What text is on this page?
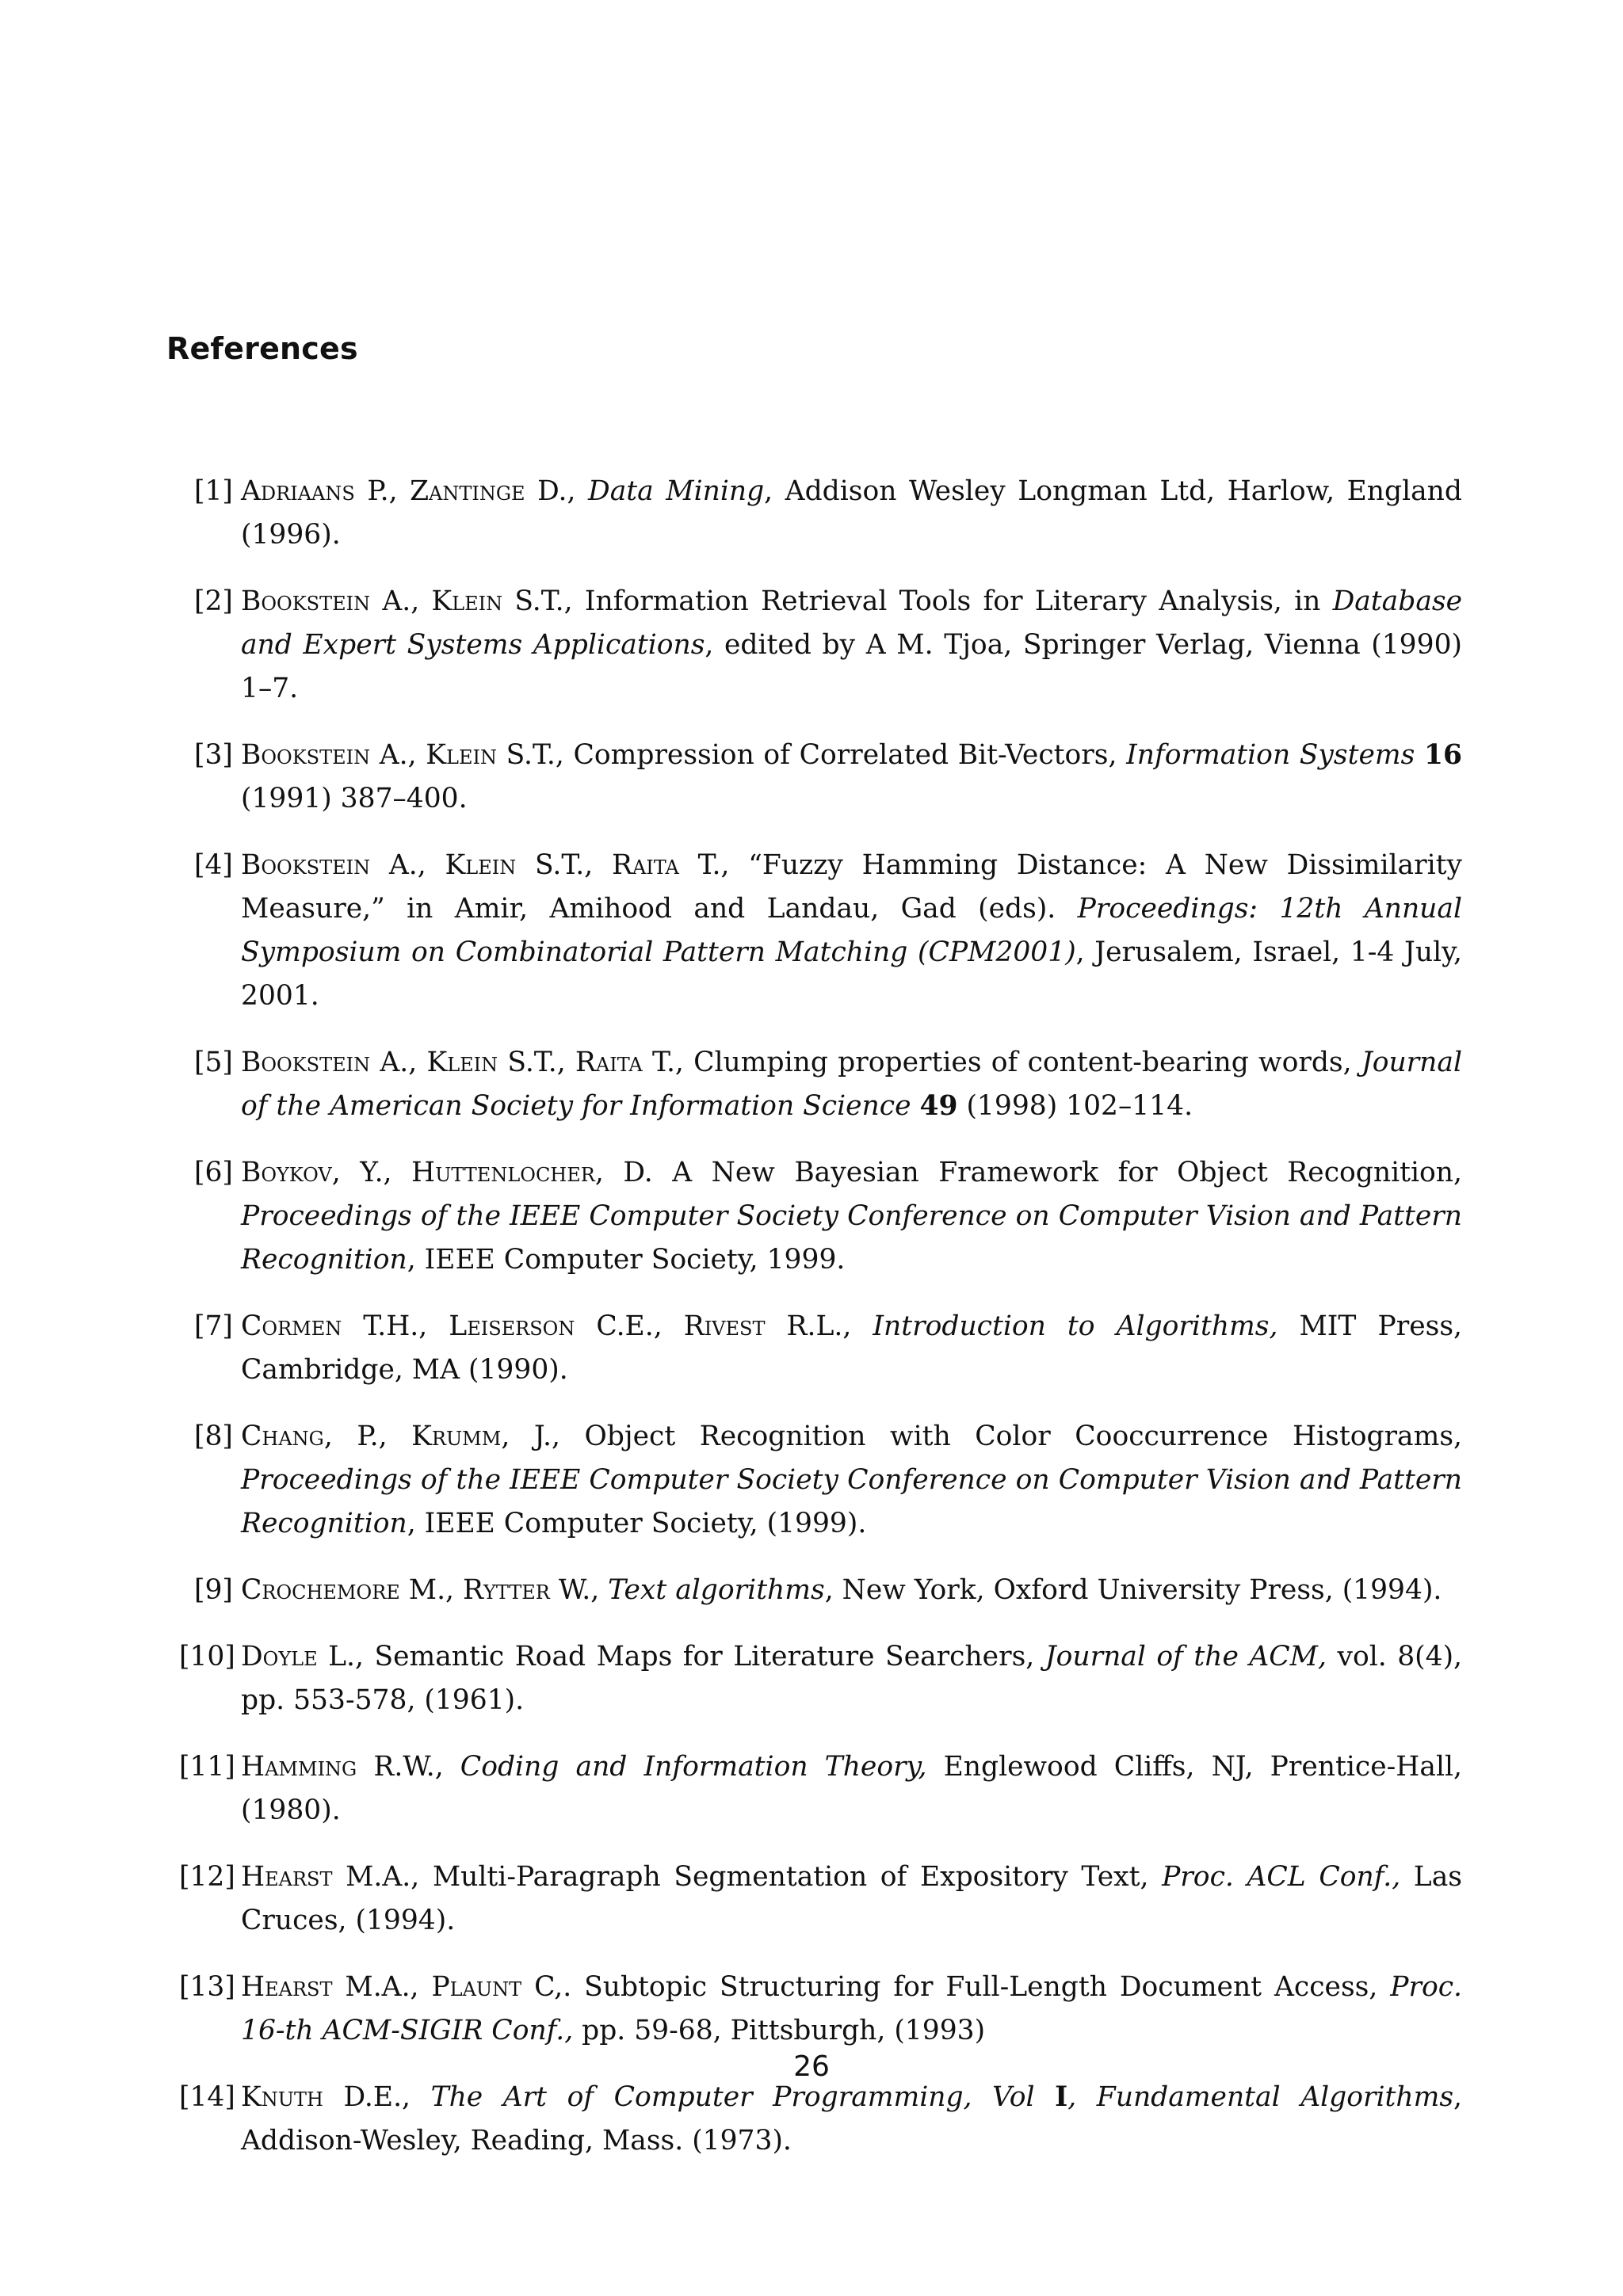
References
[1] Adriaans P., Zantinge D., Data Mining, Addison Wesley Longman Ltd, Harlow, England (1996).
[2] Bookstein A., Klein S.T., Information Retrieval Tools for Literary Analysis, in Database and Expert Systems Applications, edited by A M. Tjoa, Springer Verlag, Vienna (1990) 1–7.
[3] Bookstein A., Klein S.T., Compression of Correlated Bit-Vectors, Information Systems 16 (1991) 387–400.
[4] Bookstein A., Klein S.T., Raita T., “Fuzzy Hamming Distance: A New Dissimilarity Measure,” in Amir, Amihood and Landau, Gad (eds). Proceedings: 12th Annual Symposium on Combinatorial Pattern Matching (CPM2001), Jerusalem, Israel, 1-4 July, 2001.
[5] Bookstein A., Klein S.T., Raita T., Clumping properties of content-bearing words, Journal of the American Society for Information Science 49 (1998) 102–114.
[6] Boykov, Y., Huttenlocher, D. A New Bayesian Framework for Object Recognition, Proceedings of the IEEE Computer Society Conference on Computer Vision and Pattern Recognition, IEEE Computer Society, 1999.
[7] Cormen T.H., Leiserson C.E., Rivest R.L., Introduction to Algorithms, MIT Press, Cambridge, MA (1990).
[8] Chang, P., Krumm, J., Object Recognition with Color Cooccurrence Histograms, Proceedings of the IEEE Computer Society Conference on Computer Vision and Pattern Recognition, IEEE Computer Society, (1999).
[9] Crochemore M., Rytter W., Text algorithms, New York, Oxford University Press, (1994).
[10] Doyle L., Semantic Road Maps for Literature Searchers, Journal of the ACM, vol. 8(4), pp. 553-578, (1961).
[11] Hamming R.W., Coding and Information Theory, Englewood Cliffs, NJ, Prentice-Hall, (1980).
[12] Hearst M.A., Multi-Paragraph Segmentation of Expository Text, Proc. ACL Conf., Las Cruces, (1994).
[13] Hearst M.A., Plaunt C,. Subtopic Structuring for Full-Length Document Access, Proc. 16-th ACM-SIGIR Conf., pp. 59-68, Pittsburgh, (1993)
[14] Knuth D.E., The Art of Computer Programming, Vol I, Fundamental Algorithms, Addison-Wesley, Reading, Mass. (1973).
26
